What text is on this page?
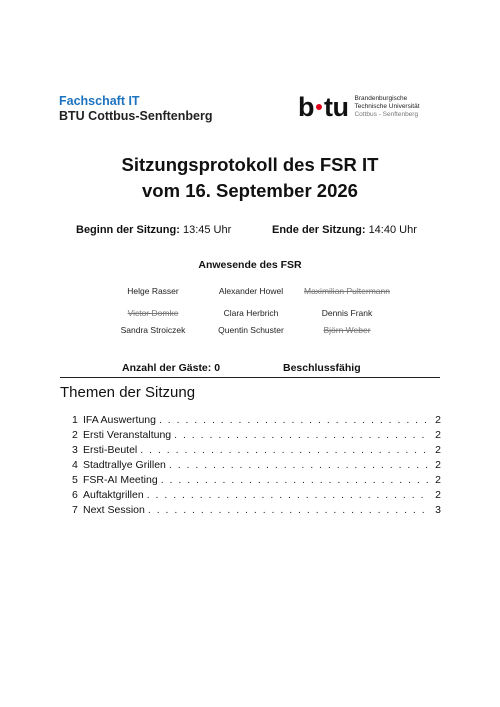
Fachschaft IT
BTU Cottbus-Senftenberg	b tu Brandenburgische
Technische Universität
Cottbus - Senftenberg
Sitzungsprotokoll des FSR IT
vom 16. September 2026
Beginn der Sitzung: 13:45 Uhr	Ende der Sitzung: 14:40 Uhr
Anwesende des FSR
Helge Rasser	Alexander Howel	Maximilian Pultermann
Victor Domke	Clara Herbrich	Dennis Frank
Sandra Stroiczek	Quentin Schuster	Björn Weber
Anzahl der Gäste: 0	Beschlussfähig
Themen der Sitzung
1 IFA Auswertung . . .	2
2 Ersti Veranstaltung . . .	2
3 Ersti-Beutel . . .	2
4 Stadtrallye Grillen . . .	2
5 FSR-AI Meeting . . .	2
6 Auftaktgrillen . . .	2
7 Next Session . . .	3
